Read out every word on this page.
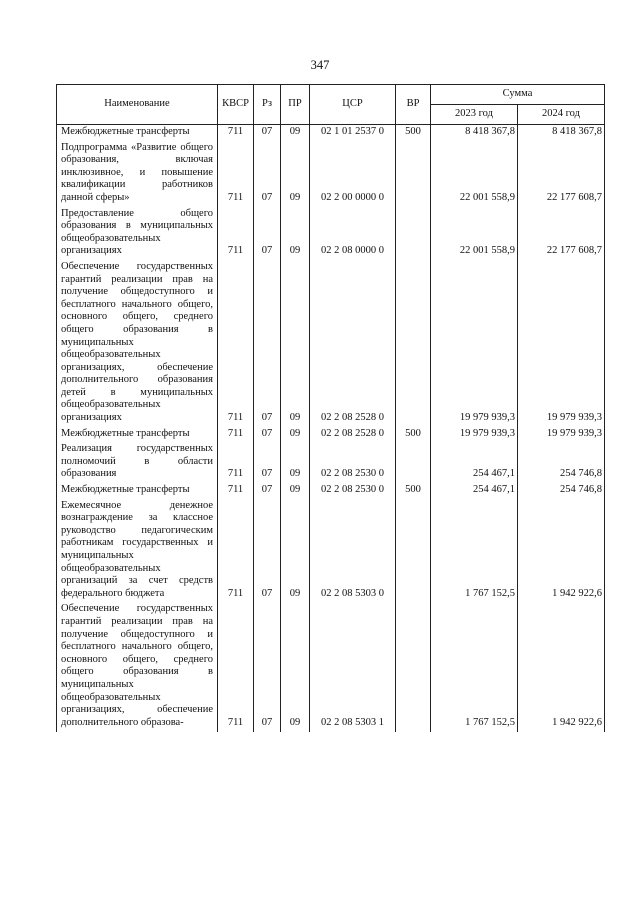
347
Наименование	КВСР	Рз	ПР	ЦСР	ВР	Сумма	
						2023 год	2024 год
Межбюджетные трансферты	711	07	09	02 1 01 2537 0	500	8 418 367,8	8 418 367,8
Подпрограмма «Развитие общего образования, включая инклюзивное, и повышение квалификации работников данной сферы»	711	07	09	02 2 00 0000 0		22 001 558,9	22 177 608,7
Предоставление общего образования в муниципальных общеобразовательных организациях	711	07	09	02 2 08 0000 0		22 001 558,9	22 177 608,7
Обеспечение государственных гарантий реализации прав на получение общедоступного и бесплатного начального общего, основного общего, среднего общего образования в муниципальных общеобразовательных организациях, обеспечение дополнительного образования детей в муниципальных общеобразовательных организациях	711	07	09	02 2 08 2528 0		19 979 939,3	19 979 939,3
Межбюджетные трансферты	711	07	09	02 2 08 2528 0	500	19 979 939,3	19 979 939,3
Реализация государственных полномочий в области образования	711	07	09	02 2 08 2530 0		254 467,1	254 746,8
Межбюджетные трансферты	711	07	09	02 2 08 2530 0	500	254 467,1	254 746,8
Ежемесячное денежное вознаграждение за классное руководство педагогическим работникам государственных и муниципальных общеобразовательных организаций за счет средств федерального бюджета	711	07	09	02 2 08 5303 0		1 767 152,5	1 942 922,6
Обеспечение государственных гарантий реализации прав на получение общедоступного и бесплатного начального общего, основного общего, среднего общего образования в муниципальных общеобразовательных организациях, обеспечение дополнительного образова-	711	07	09	02 2 08 5303 1		1 767 152,5	1 942 922,6
